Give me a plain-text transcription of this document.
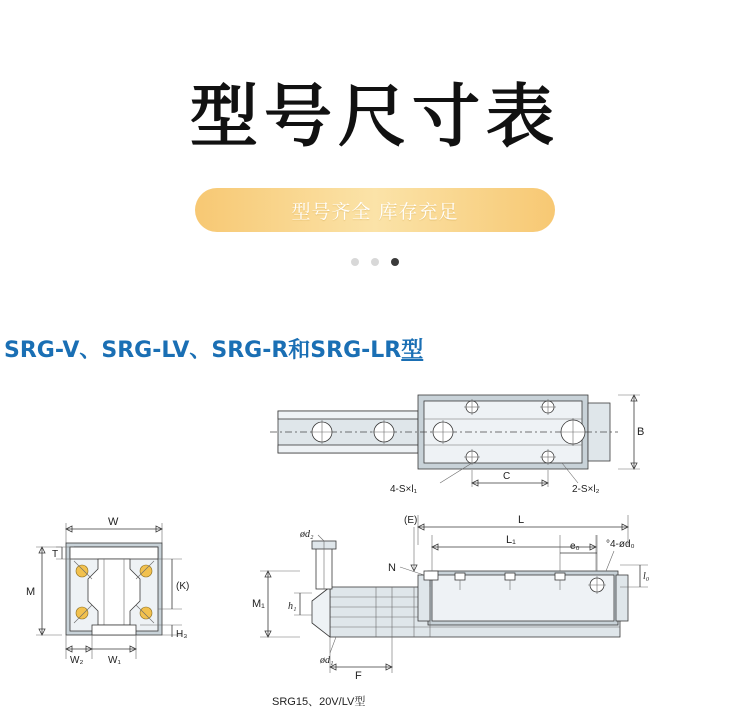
型号尺寸表
型号齐全 库存充足
SRG-V、SRG-LV、SRG-R和SRG-LR型
B
4-S×l₁
C
2-S×l₂
W
T
M	(K)
H₃
W₂ W₁
ød₂
(E)
N
L₁
L
e₀	°4-ød₀
l₀
M₁ h₁
ød₁
F
SRG15、20V/LV型
